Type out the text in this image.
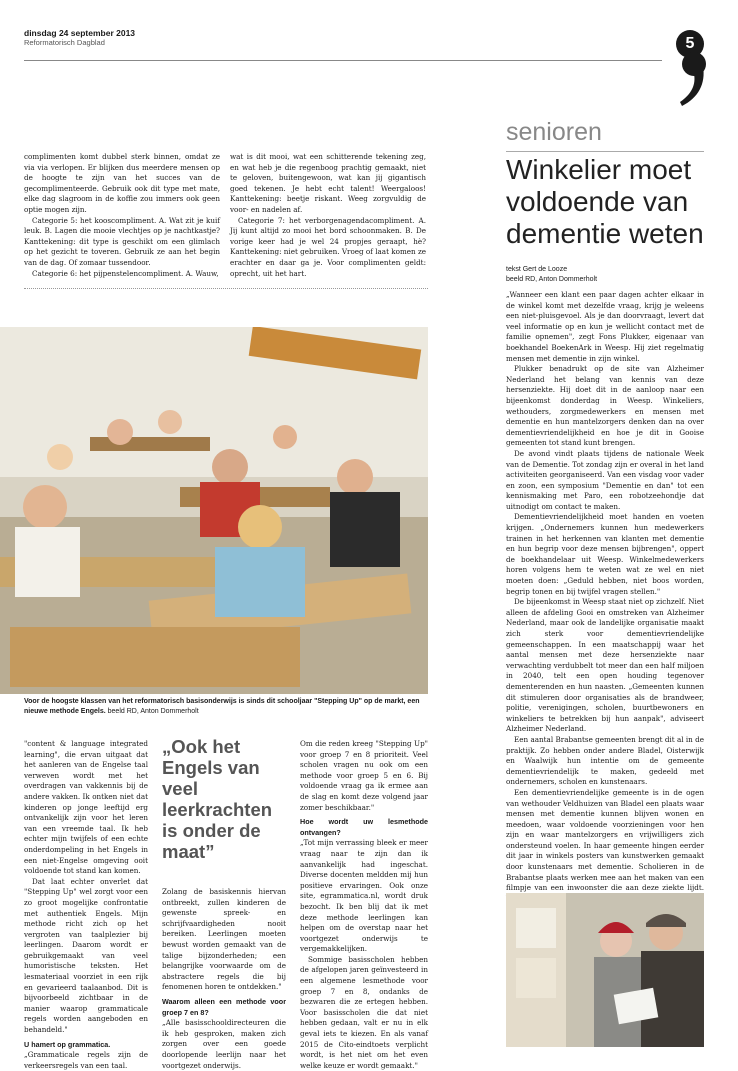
dinsdag 24 september 2013
Reformatorisch Dagblad	5
senioren
Winkelier moet voldoende van dementie weten
tekst Gert de Looze
beeld RD, Anton Dommerholt

complimenten komt dubbel sterk binnen, omdat ze via via verlopen. Er blijken dus meerdere mensen op de hoogte te zijn van het succes van de gecomplimenteerde. Gebruik ook dit type met mate, elke dag slagroom in de koffie zou immers ook geen optie mogen zijn.

Categorie 5: het kooscompliment. A. Wat zit je kuif leuk. B. Lagen die mooie vlechtjes op je nachtkastje? Kanttekening: dit type is geschikt om een glimlach op het gezicht te toveren. Gebruik ze aan het begin van de dag. Of zomaar tussendoor.

Categorie 6: het pijpenstelencompliment. A. Wauw,

wat is dit mooi, wat een schitterende tekening zeg, en wat heb je die regenboog prachtig gemaakt, niet te geloven, buitengewoon, wat kan jij gigantisch goed tekenen. Je hebt echt talent! Weergaloos! Kanttekening: beetje riskant. Weeg zorgvuldig de voor- en nadelen af.

Categorie 7: het verborgenagendacompliment. A. Jij kunt altijd zo mooi het bord schoonmaken. B. De vorige keer had je wel 24 propjes geraapt, hè? Kanttekening: niet gebruiken. Vroeg of laat komen ze erachter en daar ga je. Voor complimenten geldt: oprecht, uit het hart.

Voor de hoogste klassen van het reformatorisch basisonderwijs is sinds dit schooljaar "Stepping Up" op de markt, een nieuwe methode Engels. beeld RD, Anton Dommerholt

"content & language integrated learning", die ervan uitgaat dat het aanleren van de Engelse taal verweven wordt met het overdragen van vakkennis bij de andere vakken. Ik ontken niet dat kinderen op jonge leeftijd erg ontvankelijk zijn voor het leren van een vreemde taal. Ik heb echter mijn twijfels of een echte onderdompeling in het Engels in een niet-Engelse omgeving ooit voldoende tot stand kan komen.

Dat laat echter onverlet dat "Stepping Up" wel zorgt voor een zo groot mogelijke confrontatie met authentiek Engels. Mijn methode richt zich op het vergroten van taalplezier bij leerlingen. Daarom wordt er gebruikgemaakt van veel humoristische teksten. Het lesmateriaal voorziet in een rijk en gevarieerd taalaanbod. Dit is bijvoorbeeld zichtbaar in de manier waarop grammaticale regels worden aangeboden en behandeld."

U hamert op grammatica.

„Grammaticale regels zijn de verkeersregels van een taal.

„Ook het Engels van veel leerkrachten is onder de maat”

Zolang de basiskennis hiervan ontbreekt, zullen kinderen de gewenste spreek- en schrijfvaardigheden nooit bereiken. Leerlingen moeten bewust worden gemaakt van de talige bijzonderheden; een belangrijke voorwaarde om de abstractere regels die bij fenomenen horen te ontdekken."

Waarom alleen een methode voor groep 7 en 8?

„Alle basisschooldirecteuren die ik heb gesproken, maken zich zorgen over een goede doorlopende leerlijn naar het voortgezet onderwijs.

Om die reden kreeg "Stepping Up" voor groep 7 en 8 prioriteit. Veel scholen vragen nu ook om een methode voor groep 5 en 6. Bij voldoende vraag ga ik ermee aan de slag en komt deze volgend jaar zomer beschikbaar."

Hoe wordt uw lesmethode ontvangen?

„Tot mijn verrassing bleek er meer vraag naar te zijn dan ik aanvankelijk had ingeschat. Diverse docenten meldden mij hun positieve ervaringen. Ook onze site, egrammatica.nl, wordt druk bezocht. Ik ben blij dat ik met deze methode leerlingen kan helpen om de overstap naar het voortgezet onderwijs te vergemakkelijken.

Sommige basisscholen hebben de afgelopen jaren geïnvesteerd in een algemene lesmethode voor groep 7 en 8, ondanks de bezwaren die ze ertegen hebben. Voor basisscholen die dat niet hebben gedaan, valt er nu in elk geval iets te kiezen. En als vanaf 2015 de Cito-eindtoets verplicht wordt, is het niet om het even welke keuze er wordt gemaakt."

„Wanneer een klant een paar dagen achter elkaar in de winkel komt met dezelfde vraag, krijg je weleens een niet-pluisgevoel. Als je dan doorvraagt, levert dat veel informatie op en kun je wellicht contact met de familie opnemen", zegt Fons Plukker, eigenaar van boekhandel BoekenArk in Weesp. Hij ziet regelmatig mensen met dementie in zijn winkel.

Plukker benadrukt op de site van Alzheimer Nederland het belang van kennis van deze hersenziekte. Hij doet dit in de aanloop naar een bijeenkomst donderdag in Weesp. Winkeliers, wethouders, zorgmedewerkers en mensen met dementie en hun mantelzorgers denken dan na over dementievriendelijkheid en hoe je dit in Gooise gemeenten tot stand kunt brengen.

De avond vindt plaats tijdens de nationale Week van de Dementie. Tot zondag zijn er overal in het land activiteiten georganiseerd. Van een visdag voor vader en zoon, een symposium "Dementie en dan" tot een kennismaking met Paro, een robotzeehondje dat uitnodigt om contact te maken.

Dementievriendelijkheid moet handen en voeten krijgen. „Ondernemers kunnen hun medewerkers trainen in het herkennen van klanten met dementie en hun begrip voor deze mensen bijbrengen", oppert de boekhandelaar uit Weesp. Winkelmedewerkers horen volgens hem te weten wat ze wel en niet moeten doen: „Geduld hebben, niet boos worden, begrip tonen en bij twijfel vragen stellen."

De bijeenkomst in Weesp staat niet op zichzelf. Niet alleen de afdeling Gooi en omstreken van Alzheimer Nederland, maar ook de landelijke organisatie maakt zich sterk voor dementievriendelijke gemeenschappen. In een maatschappij waar het aantal mensen met deze hersenziekte naar verwachting verdubbelt tot meer dan een half miljoen in 2040, telt een open houding tegenover dementerenden en hun naasten. „Gemeenten kunnen dit stimuleren door organisaties als de brandweer, politie, verenigingen, scholen, buurtbewoners en winkeliers te betrekken bij hun aanpak", adviseert Alzheimer Nederland.

Een aantal Brabantse gemeenten brengt dit al in de praktijk. Zo hebben onder andere Bladel, Oisterwijk en Waalwijk hun intentie om de gemeente dementievriendelijk te maken, gedeeld met ondernemers, scholen en kunstenaars.

Een dementievriendelijke gemeente is in de ogen van wethouder Veldhuizen van Bladel een plaats waar mensen met dementie kunnen blijven wonen en meedoen, waar voldoende voorzieningen voor hen zijn en waar mantelzorgers en vrijwilligers zich ondersteund voelen. In haar gemeente hingen eerder dit jaar in winkels posters van kunstwerken gemaakt door kunstenaars met dementie. Scholieren in de Brabantse plaats werken mee aan het maken van een filmpje van een inwoonster die aan deze ziekte lijdt.
